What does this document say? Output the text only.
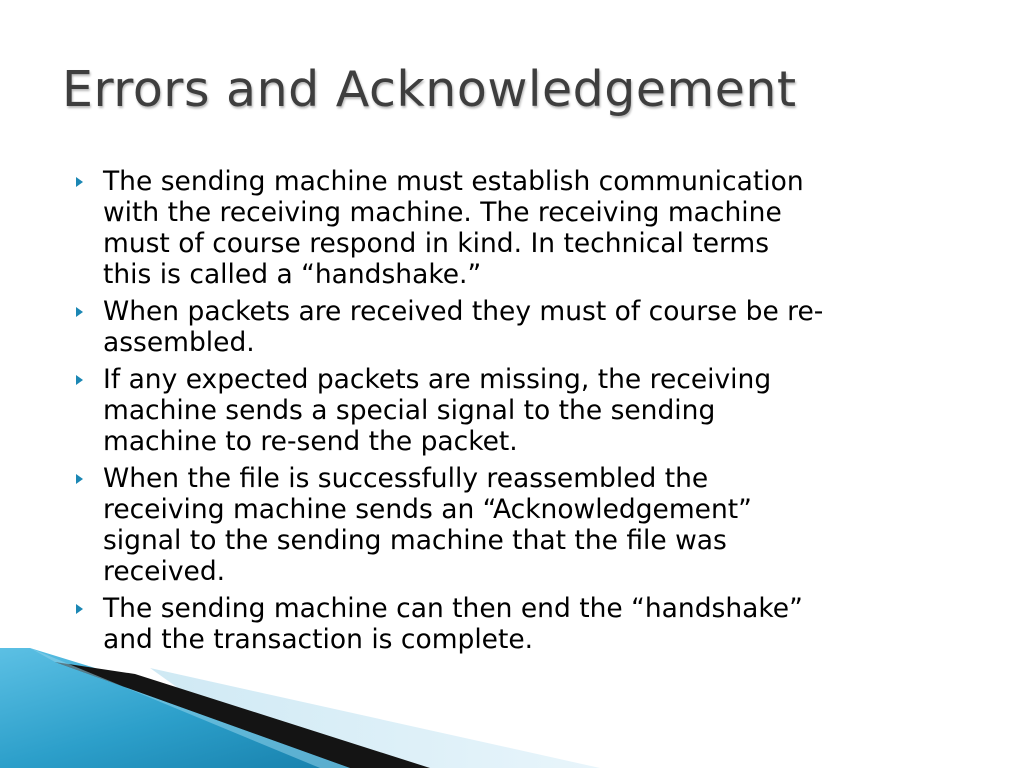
Errors and Acknowledgement
The sending machine must establish communication
with the receiving machine. The receiving machine
must of course respond in kind. In technical terms
this is called a “handshake.”
When packets are received they must of course be re-
assembled.
If any expected packets are missing, the receiving
machine sends a special signal to the sending
machine to re-send the packet.
When the file is successfully reassembled the
receiving machine sends an “Acknowledgement”
signal to the sending machine that the file was
received.
The sending machine can then end the “handshake”
and the transaction is complete.
